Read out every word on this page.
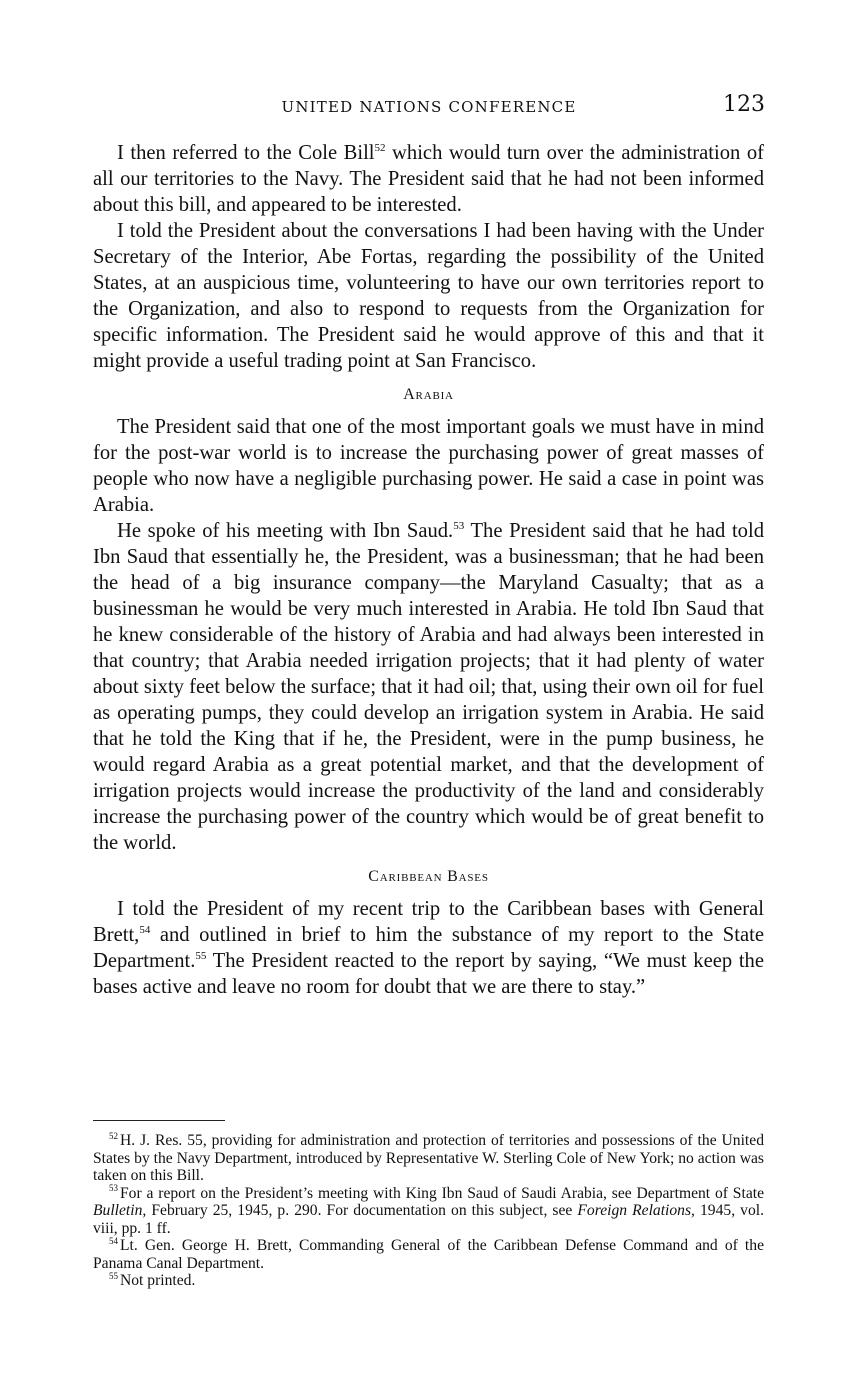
UNITED NATIONS CONFERENCE	123

I then referred to the Cole Bill$^{52}$ which would turn over the administration of all our territories to the Navy. The President said that he had not been informed about this bill, and appeared to be interested.

I told the President about the conversations I had been having with the Under Secretary of the Interior, Abe Fortas, regarding the possibility of the United States, at an auspicious time, volunteering to have our own territories report to the Organization, and also to respond to requests from the Organization for specific information. The President said he would approve of this and that it might provide a useful trading point at San Francisco.

Arabia

The President said that one of the most important goals we must have in mind for the post-war world is to increase the purchasing power of great masses of people who now have a negligible purchasing power. He said a case in point was Arabia.

He spoke of his meeting with Ibn Saud.$^{53}$ The President said that he had told Ibn Saud that essentially he, the President, was a businessman; that he had been the head of a big insurance company—the Maryland Casualty; that as a businessman he would be very much interested in Arabia. He told Ibn Saud that he knew considerable of the history of Arabia and had always been interested in that country; that Arabia needed irrigation projects; that it had plenty of water about sixty feet below the surface; that it had oil; that, using their own oil for fuel as operating pumps, they could develop an irrigation system in Arabia. He said that he told the King that if he, the President, were in the pump business, he would regard Arabia as a great potential market, and that the development of irrigation projects would increase the productivity of the land and considerably increase the purchasing power of the country which would be of great benefit to the world.

Caribbean Bases

I told the President of my recent trip to the Caribbean bases with General Brett,$^{54}$ and outlined in brief to him the substance of my report to the State Department.$^{55}$ The President reacted to the report by saying, “We must keep the bases active and leave no room for doubt that we are there to stay.”

$^{52}$ H. J. Res. 55, providing for administration and protection of territories and possessions of the United States by the Navy Department, introduced by Representative W. Sterling Cole of New York; no action was taken on this Bill.

$^{53}$ For a report on the President’s meeting with King Ibn Saud of Saudi Arabia, see Department of State Bulletin, February 25, 1945, p. 290. For documentation on this subject, see Foreign Relations, 1945, vol. viii, pp. 1 ff.

$^{54}$ Lt. Gen. George H. Brett, Commanding General of the Caribbean Defense Command and of the Panama Canal Department.

$^{55}$ Not printed.
